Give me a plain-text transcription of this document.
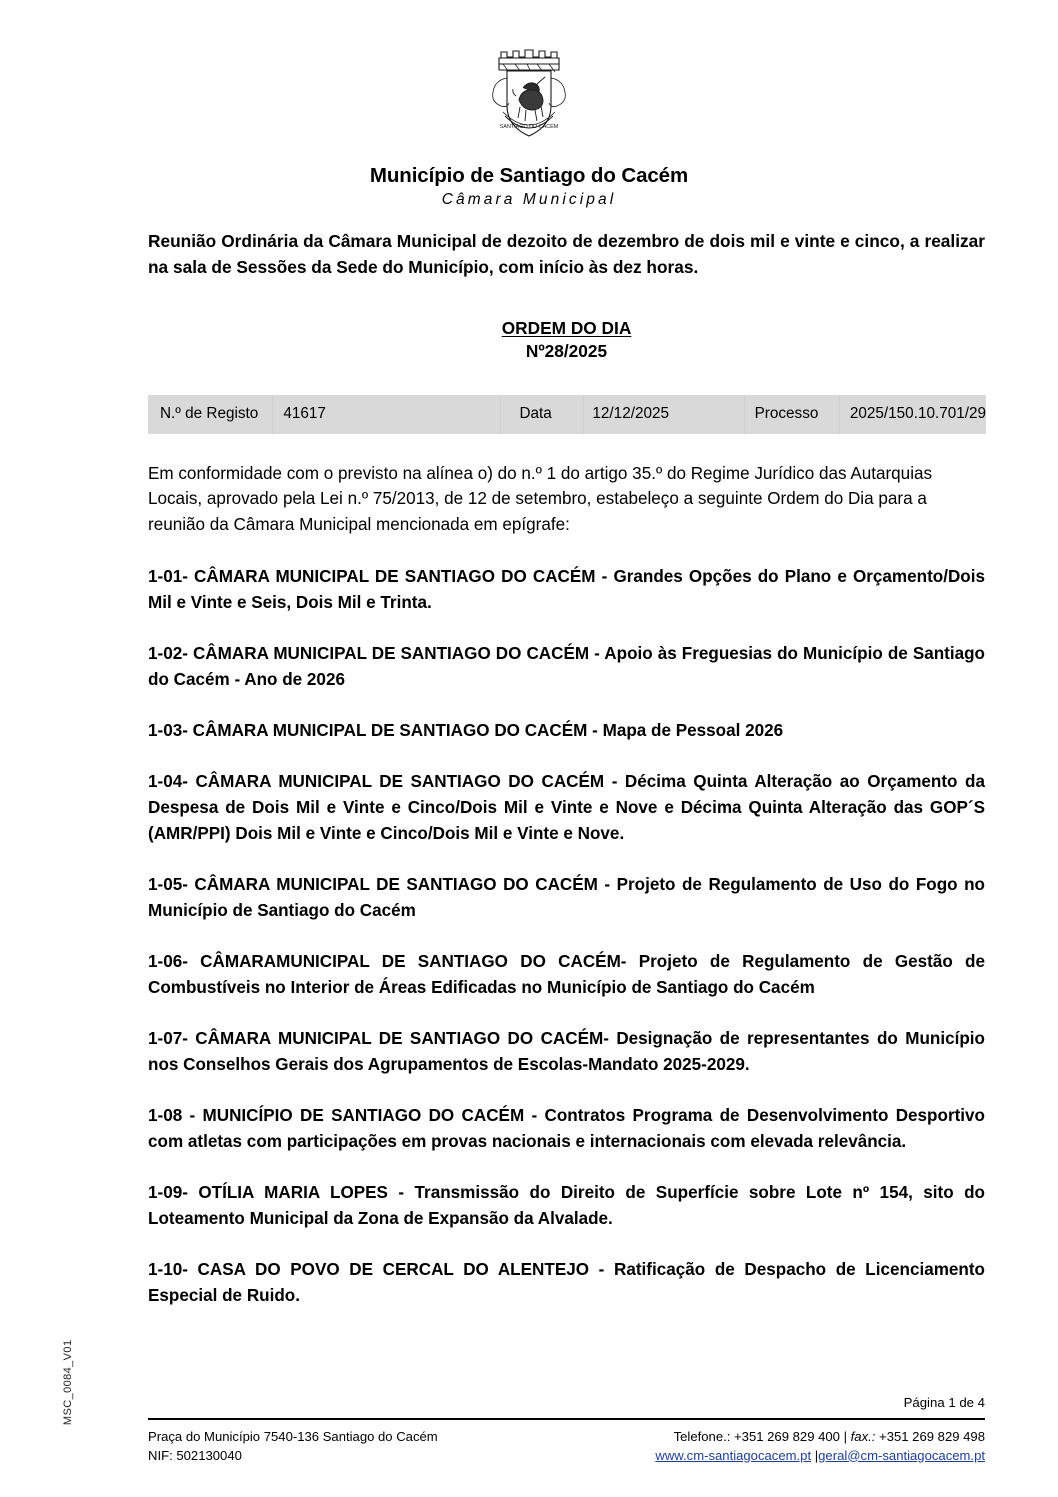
MSC_0084_V01
SANTIAGO DO CACÉM
Município de Santiago do Cacém
Câmara Municipal
Reunião Ordinária da Câmara Municipal de dezoito de dezembro de dois mil e vinte e cinco, a realizar na sala de Sessões da Sede do Município, com início às dez horas.
ORDEM DO DIA
Nº28/2025
N.º de Registo	41617	Data	12/12/2025	Processo	2025/150.10.701/29
Em conformidade com o previsto na alínea o) do n.º 1 do artigo 35.º do Regime Jurídico das Autarquias Locais, aprovado pela Lei n.º 75/2013, de 12 de setembro, estabeleço a seguinte Ordem do Dia para a reunião da Câmara Municipal mencionada em epígrafe:
1-01- CÂMARA MUNICIPAL DE SANTIAGO DO CACÉM - Grandes Opções do Plano e Orçamento/Dois Mil e Vinte e Seis, Dois Mil e Trinta.
1-02- CÂMARA MUNICIPAL DE SANTIAGO DO CACÉM - Apoio às Freguesias do Município de Santiago do Cacém - Ano de 2026
1-03- CÂMARA MUNICIPAL DE SANTIAGO DO CACÉM - Mapa de Pessoal 2026
1-04- CÂMARA MUNICIPAL DE SANTIAGO DO CACÉM - Décima Quinta Alteração ao Orçamento da Despesa de Dois Mil e Vinte e Cinco/Dois Mil e Vinte e Nove e Décima Quinta Alteração das GOP´S (AMR/PPI) Dois Mil e Vinte e Cinco/Dois Mil e Vinte e Nove.
1-05- CÂMARA MUNICIPAL DE SANTIAGO DO CACÉM - Projeto de Regulamento de Uso do Fogo no Município de Santiago do Cacém
1-06- CÂMARAMUNICIPAL DE SANTIAGO DO CACÉM- Projeto de Regulamento de Gestão de Combustíveis no Interior de Áreas Edificadas no Município de Santiago do Cacém
1-07- CÂMARA MUNICIPAL DE SANTIAGO DO CACÉM- Designação de representantes do Município nos Conselhos Gerais dos Agrupamentos de Escolas-Mandato 2025-2029.
1-08 - MUNICÍPIO DE SANTIAGO DO CACÉM - Contratos Programa de Desenvolvimento Desportivo com atletas com participações em provas nacionais e internacionais com elevada relevância.
1-09- OTÍLIA MARIA LOPES - Transmissão do Direito de Superfície sobre Lote nº 154, sito do Loteamento Municipal da Zona de Expansão da Alvalade.
1-10- CASA DO POVO DE CERCAL DO ALENTEJO - Ratificação de Despacho de Licenciamento Especial de Ruido.
Página 1 de 4
Praça do Município 7540-136 Santiago do Cacém
NIF: 502130040
Telefone.: +351 269 829 400 | fax.: +351 269 829 498
www.cm-santiagocacem.pt |geral@cm-santiagocacem.pt
